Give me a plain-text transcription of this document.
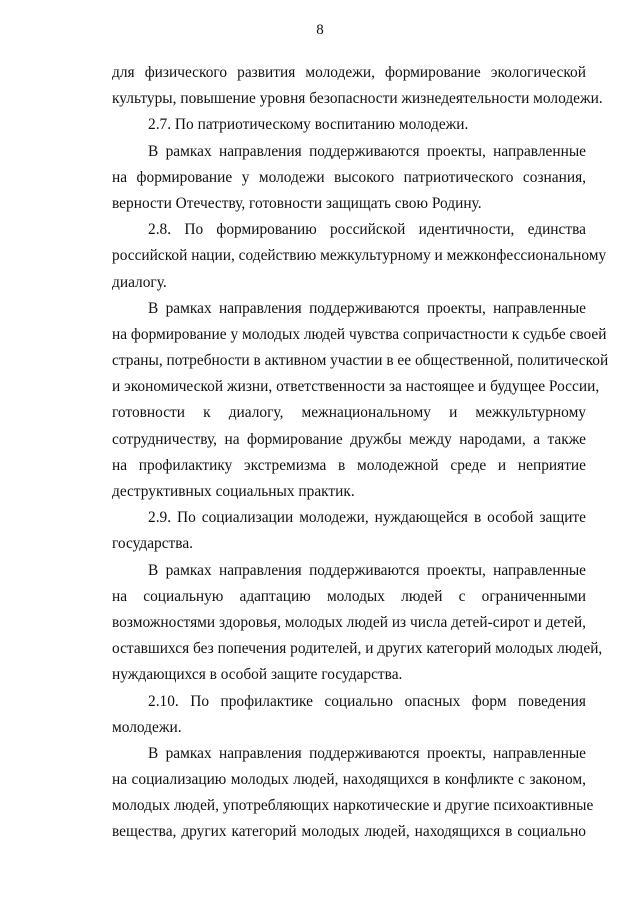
8
для физического развития молодежи, формирование экологической
культуры, повышение уровня безопасности жизнедеятельности молодежи.
2.7. По патриотическому воспитанию молодежи.
В рамках направления поддерживаются проекты, направленные
на формирование у молодежи высокого патриотического сознания,
верности Отечеству, готовности защищать свою Родину.
2.8. По формированию российской идентичности, единства
российской нации, содействию межкультурному и межконфессиональному
диалогу.
В рамках направления поддерживаются проекты, направленные
на формирование у молодых людей чувства сопричастности к судьбе своей
страны, потребности в активном участии в ее общественной, политической
и экономической жизни, ответственности за настоящее и будущее России,
готовности к диалогу, межнациональному и межкультурному
сотрудничеству, на формирование дружбы между народами, а также
на профилактику экстремизма в молодежной среде и неприятие
деструктивных социальных практик.
2.9. По социализации молодежи, нуждающейся в особой защите
государства.
В рамках направления поддерживаются проекты, направленные
на социальную адаптацию молодых людей с ограниченными
возможностями здоровья, молодых людей из числа детей-сирот и детей,
оставшихся без попечения родителей, и других категорий молодых людей,
нуждающихся в особой защите государства.
2.10. По профилактике социально опасных форм поведения
молодежи.
В рамках направления поддерживаются проекты, направленные
на социализацию молодых людей, находящихся в конфликте с законом,
молодых людей, употребляющих наркотические и другие психоактивные
вещества, других категорий молодых людей, находящихся в социально
